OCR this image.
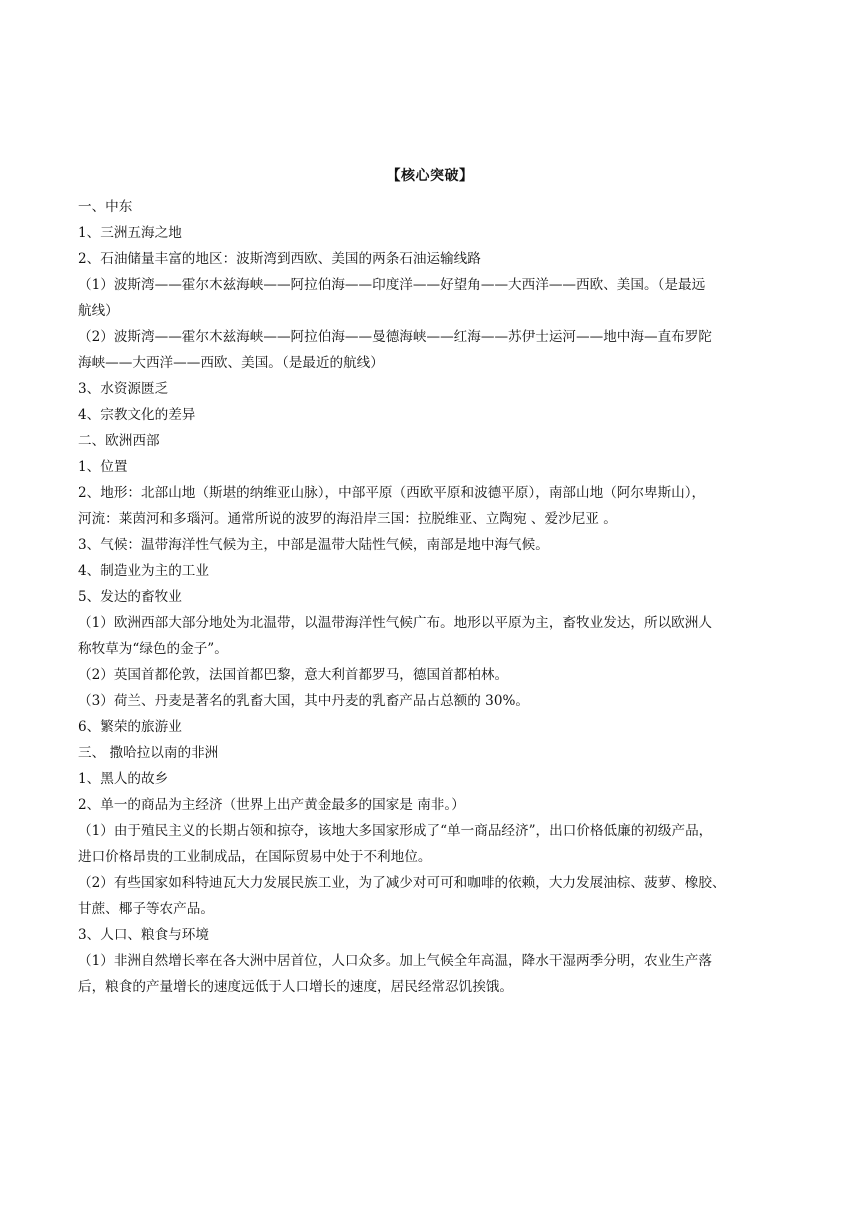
【核心突破】
一、中东
1、三洲五海之地
2、石油储量丰富的地区：波斯湾到西欧、美国的两条石油运输线路
（1）波斯湾——霍尔木兹海峡——阿拉伯海——印度洋——好望角——大西洋——西欧、美国。（是最远
航线）
（2）波斯湾——霍尔木兹海峡——阿拉伯海——曼德海峡——红海——苏伊士运河——地中海—直布罗陀
海峡——大西洋——西欧、美国。（是最近的航线）
3、水资源匮乏
4、宗教文化的差异
二、欧洲西部
1、位置
2、地形：北部山地（斯堪的纳维亚山脉），中部平原（西欧平原和波德平原），南部山地（阿尔卑斯山），
河流：莱茵河和多瑙河。通常所说的波罗的海沿岸三国：拉脱维亚、立陶宛 、爱沙尼亚 。
3、气候：温带海洋性气候为主，中部是温带大陆性气候，南部是地中海气候。
4、制造业为主的工业
5、发达的畜牧业
（1）欧洲西部大部分地处为北温带，以温带海洋性气候广布。地形以平原为主，畜牧业发达，所以欧洲人
称牧草为“绿色的金子”。
（2）英国首都伦敦，法国首都巴黎，意大利首都罗马，德国首都柏林。
（3）荷兰、丹麦是著名的乳畜大国，其中丹麦的乳畜产品占总额的 30%。
6、繁荣的旅游业
三、 撒哈拉以南的非洲
1、黑人的故乡
2、单一的商品为主经济（世界上出产黄金最多的国家是 南非。）
（1）由于殖民主义的长期占领和掠夺，该地大多国家形成了“单一商品经济”，出口价格低廉的初级产品，
进口价格昂贵的工业制成品，在国际贸易中处于不利地位。
（2）有些国家如科特迪瓦大力发展民族工业，为了减少对可可和咖啡的依赖，大力发展油棕、菠萝、橡胶、
甘蔗、椰子等农产品。
3、人口、粮食与环境
（1）非洲自然增长率在各大洲中居首位，人口众多。加上气候全年高温，降水干湿两季分明，农业生产落
后，粮食的产量增长的速度远低于人口增长的速度，居民经常忍饥挨饿。
